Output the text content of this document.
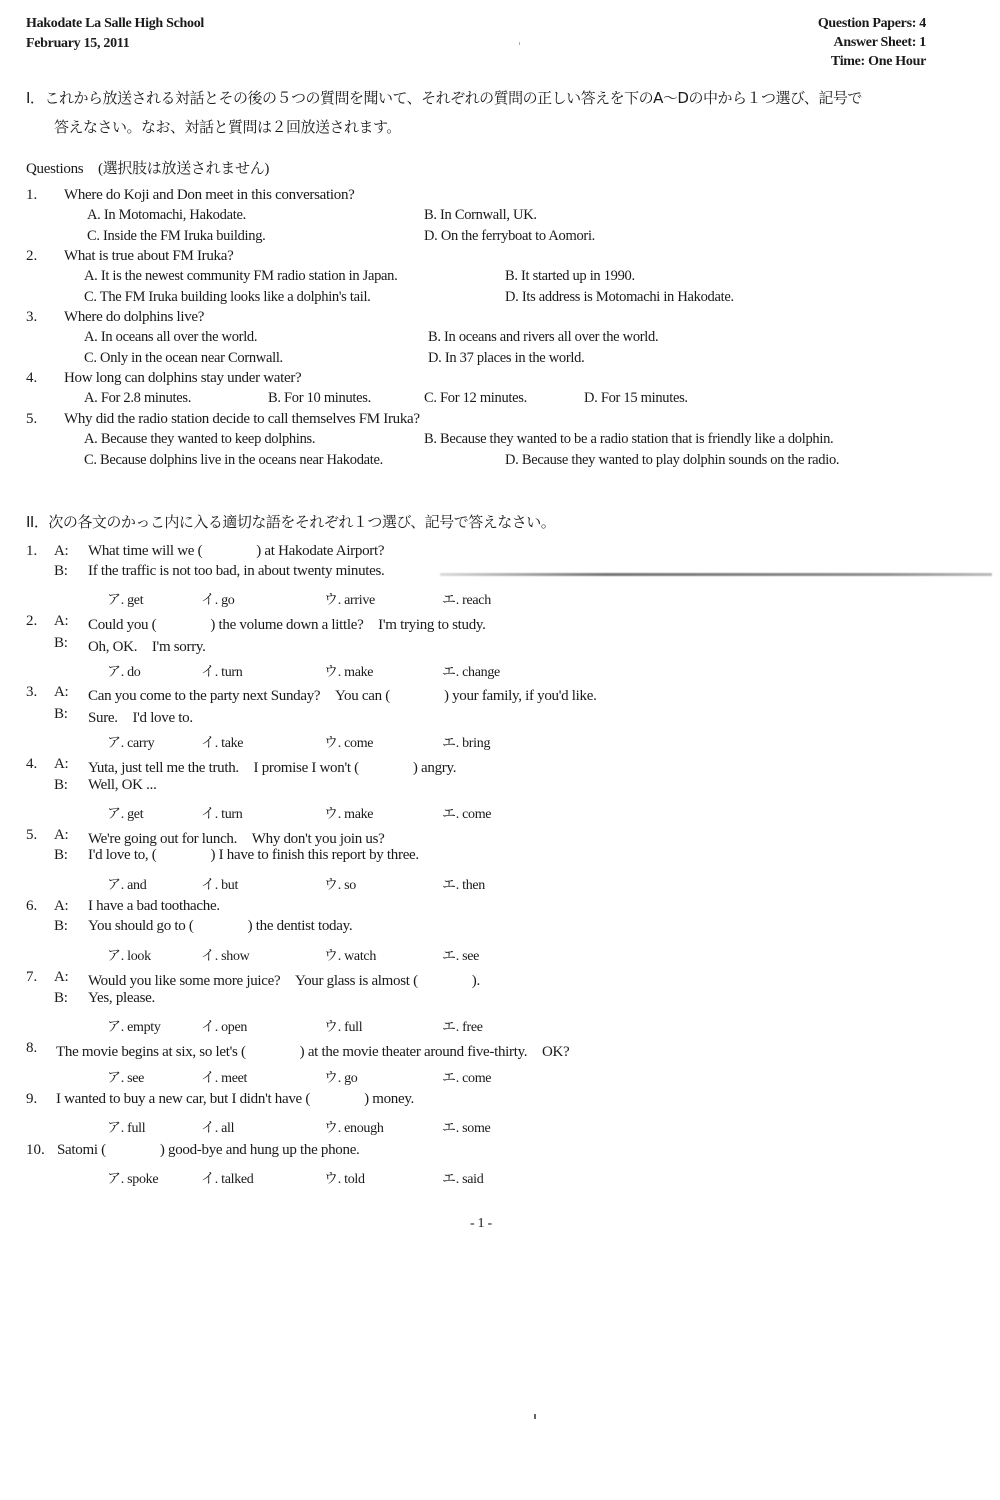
Hakodate La Salle High School
February 15, 2011
Question Papers: 4
Answer Sheet: 1
Time: One Hour
I．これから放送される対話とその後の５つの質問を聞いて、それぞれの質問の正しい答えを下のA～Dの中から１つ選び、記号で
答えなさい。なお、対話と質問は２回放送されます。
Questions　(選択肢は放送されません)
1. Where do Koji and Don meet in this conversation?
A. In Motomachi, Hakodate.	B. In Cornwall, UK.
C. Inside the FM Iruka building.	D. On the ferryboat to Aomori.
2. What is true about FM Iruka?
A. It is the newest community FM radio station in Japan.	B. It started up in 1990.
C. The FM Iruka building looks like a dolphin's tail.	D. Its address is Motomachi in Hakodate.
3. Where do dolphins live?
A. In oceans all over the world.	B. In oceans and rivers all over the world.
C. Only in the ocean near Cornwall.	D. In 37 places in the world.
4. How long can dolphins stay under water?
A. For 2.8 minutes.	B. For 10 minutes.	C. For 12 minutes.	D. For 15 minutes.
5. Why did the radio station decide to call themselves FM Iruka?
A. Because they wanted to keep dolphins.	B. Because they wanted to be a radio station that is friendly like a dolphin.
C. Because dolphins live in the oceans near Hakodate.	D. Because they wanted to play dolphin sounds on the radio.
II．次の各文のかっこ内に入る適切な語をそれぞれ１つ選び、記号で答えなさい。
1. A: What time will we (	) at Hakodate Airport?
B: If the traffic is not too bad, in about twenty minutes.
ア. get	イ. go	ウ. arrive	エ. reach
2. A: Could you (	) the volume down a little?　I'm trying to study.
B: Oh, OK.　I'm sorry.
ア. do	イ. turn	ウ. make	エ. change
3. A: Can you come to the party next Sunday?　You can (	) your family, if you'd like.
B: Sure.　I'd love to.
ア. carry	イ. take	ウ. come	エ. bring
4. A: Yuta, just tell me the truth.　I promise I won't (	) angry.
B: Well, OK ...
ア. get	イ. turn	ウ. make	エ. come
5. A: We're going out for lunch.　Why don't you join us?
B: I'd love to, (	) I have to finish this report by three.
ア. and	イ. but	ウ. so	エ. then
6. A: I have a bad toothache.
B: You should go to (	) the dentist today.
ア. look	イ. show	ウ. watch	エ. see
7. A: Would you like some more juice?　Your glass is almost (	).
B: Yes, please.
ア. empty	イ. open	ウ. full	エ. free
8. The movie begins at six, so let's (	) at the movie theater around five-thirty.　OK?
ア. see	イ. meet	ウ. go	エ. come
9. I wanted to buy a new car, but I didn't have (	) money.
ア. full	イ. all	ウ. enough	エ. some
10. Satomi (	) good-bye and hung up the phone.
ア. spoke	イ. talked	ウ. told	エ. said
- 1 -
